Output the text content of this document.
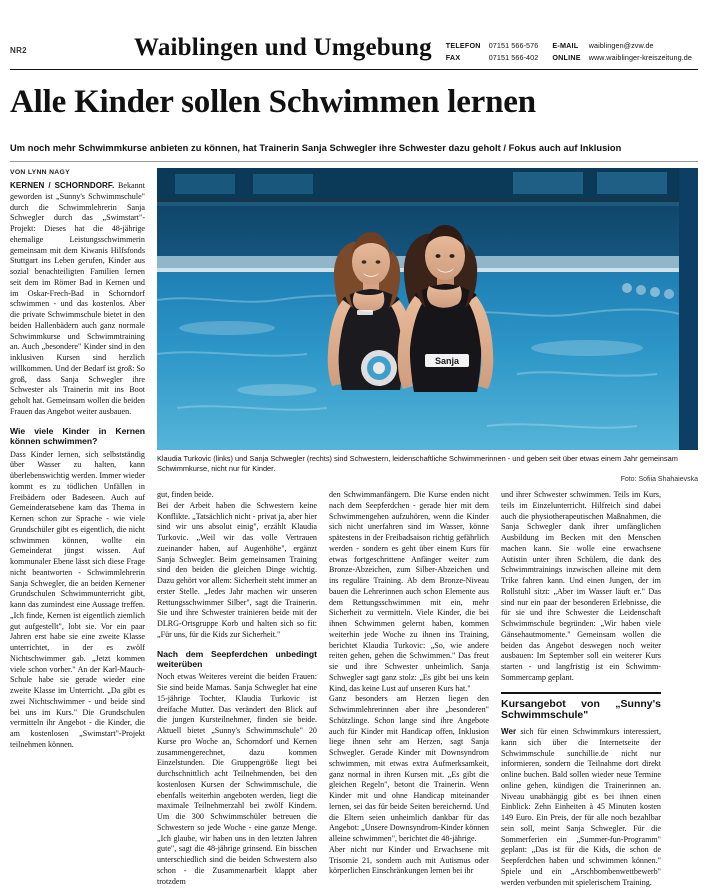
NR2	Waiblingen und Umgebung TELEFON 07151 566-576
FAX	07151 566-402
E-MAIL	waiblingen@zvw.de
ONLINE www.waiblinger-kreiszeitung.de
Alle Kinder sollen Schwimmen lernen
Um noch mehr Schwimmkurse anbieten zu können, hat Trainerin Sanja Schwegler ihre Schwester dazu geholt / Fokus auch auf Inklusion
VON LYNN NAGY

KERNEN / SCHORNDORF. Bekannt geworden ist „Sunny's Schwimmschule" durch die Schwimmlehrerin Sanja Schwegler durch das „Swimstart"-Projekt: Dieses hat die 48-jährige ehemalige Leistungsschwimmerin gemeinsam mit dem Kiwanis Hilfsfonds Stuttgart ins Leben gerufen, Kinder aus sozial benachteiligten Familien lernen seit dem im Römer Bad in Kernen und im Oskar-Frech-Bad in Schorndorf schwimmen - und das kostenlos. Aber die private Schwimmschule bietet in den beiden Hallenbädern auch ganz normale Schwimmkurse und Schwimmtraining an. Auch „besondere" Kinder sind in den inklusiven Kursen sind herzlich willkommen. Und der Bedarf ist groß: So groß, dass Sanja Schwegler ihre Schwester als Trainerin mit ins Boot geholt hat. Gemeinsam wollen die beiden Frauen das Angebot weiter ausbauen.

Wie viele Kinder in Kernen können schwimmen?

Dass Kinder lernen, sich selbstständig über Wasser zu halten, kann überlebenswichtig werden. Immer wieder kommt es zu tödlichen Unfällen in Freibädern oder Badeseen. Auch auf Gemeinderatsebene kam das Thema in Kernen schon zur Sprache - wie viele Grundschüler gibt es eigentlich, die nicht schwimmen können, wollte ein Gemeinderat jüngst wissen. Auf kommunaler Ebene lässt sich diese Frage nicht beantworten - Schwimmlehrerin Sanja Schwegler, die an beiden Kernener Grundschulen Schwimmunterricht gibt, kann das zumindest eine Aussage treffen. „Ich finde, Kernen ist eigentlich ziemlich gut aufgestellt", lobt sie. Vor ein paar Jahren erst habe sie eine zweite Klasse unterrichtet, in der es zwölf Nichtschwimmer gab. „Jetzt kommen viele schon vorher." An der Karl-Mauch-Schule habe sie gerade wieder eine zweite Klasse im Unterricht. „Da gibt es zwei Nichtschwimmer - und beide sind bei uns im Kurs." Die Grundschulen vermitteln ihr Angebot - die Kinder, die am kostenlosen „Swimstart"-Projekt teilnehmen können.

Sanja
Klaudia Turkovic (links) und Sanja Schwegler (rechts) sind Schwestern, leidenschaftliche Schwimmerinnen - und geben seit über etwas einem Jahr gemeinsam Schwimmkurse, nicht nur für Kinder.
Foto: Sofiia Shahaievska

gut, finden beide.

Bei der Arbeit haben die Schwestern keine Konflikte. „Tatsächlich nicht - privat ja, aber hier sind wir uns absolut einig", erzählt Klaudia Turkovic. „Weil wir das volle Vertrauen zueinander haben, auf Augenhöhe", ergänzt Sanja Schwegler. Beim gemeinsamen Training sind den beiden die gleichen Dinge wichtig. Dazu gehört vor allem: Sicherheit steht immer an erster Stelle. „Jedes Jahr machen wir unseren Rettungsschwimmer Silber", sagt die Trainerin. Sie und ihre Schwester trainieren beide mit der DLRG-Ortsgruppe Korb und halten sich so fit: „Für uns, für die Kids zur Sicherheit."

Nach dem Seepferdchen unbedingt weiterüben

Noch etwas Weiteres vereint die beiden Frauen: Sie sind beide Mamas. Sanja Schwegler hat eine 15-jährige Tochter, Klaudia Turkovic ist dreifache Mutter. Das verändert den Blick auf die jungen Kursteilnehmer, finden sie beide. Aktuell bietet „Sunny's Schwimmschule" 20 Kurse pro Woche an, Schorndorf und Kernen zusammengerechnet, dazu kommen Einzelstunden. Die Gruppengröße liegt bei durchschnittlich acht Teilnehmenden, bei den kostenlosen Kursen der Schwimmschule, die ebenfalls weiterhin angeboten werden, liegt die maximale Teilnehmerzahl bei zwölf Kindern. Um die 300 Schwimmschüler betreuen die Schwestern so jede Woche - eine ganze Menge. „Ich glaube, wir haben uns in den letzten Jahren gute", sagt die 48-jährige grinsend. Ein bisschen unterschiedlich sind die beiden Schwestern also schon - die Zusammenarbeit klappt aber trotzdem

den Schwimmanfängern. Die Kurse enden nicht nach dem Seepferdchen - gerade hier mit dem Schwimmengehen aufzuhören, wenn die Kinder sich nicht unerfahren sind im Wasser, könne spätestens in der Freibadsaison richtig gefährlich werden - sondern es geht über einem Kurs für etwas fortgeschrittene Anfänger weiter zum Bronze-Abzeichen, zum Silber-Abzeichen und ins reguläre Training. Ab dem Bronze-Niveau bauen die Lehrerinnen auch schon Elemente aus dem Rettungsschwimmen mit ein, mehr Sicherheit zu vermitteln. Viele Kinder, die bei ihnen Schwimmen gelernt haben, kommen weiterhin jede Woche zu ihnen ins Training, berichtet Klaudia Turkovic: „So, wie andere reiten gehen, gehen die Schwimmen." Das freut sie und ihre Schwester unheimlich. Sanja Schwegler sagt ganz stolz: „Es gibt bei uns kein Kind, das keine Lust auf unseren Kurs hat."

Ganz besonders am Herzen liegen den Schwimmlehrerinnen aber ihre „besonderen" Schützlinge. Schon lange sind ihre Angebote auch für Kinder mit Handicap offen, Inklusion liege ihnen sehr am Herzen, sagt Sanja Schwegler. Gerade Kinder mit Downsyndrom schwimmen, mit etwas extra Aufmerksamkeit, ganz normal in ihren Kursen mit. „Es gibt die gleichen Regeln", betont die Trainerin. Wenn Kinder mit und ohne Handicap miteinander lernen, sei das für beide Seiten bereichernd. Und die Eltern seien unheimlich dankbar für das Angebot: „Unsere Downsyndrom-Kinder können alleine schwimmen", berichtet die 48-jährige.

Aber nicht nur Kinder und Erwachsene mit Trisomie 21, sondern auch mit Autismus oder körperlichen Einschränkungen lernen bei ihr

und ihrer Schwester schwimmen. Teils im Kurs, teils im Einzelunterricht. Hilfreich sind dabei auch die physiotherapeutischen Maßnahmen, die Sanja Schwegler dank ihrer umfänglichen Ausbildung im Becken mit den Menschen machen kann. Sie wolle eine erwachsene Autistin unter ihren Schülern, die dank des Schwimmtrainings inzwischen alleine mit dem Trike fahren kann. Und einen Jungen, der im Rollstuhl sitzt: „Aber im Wasser läuft er." Das sind nur ein paar der besonderen Erlebnisse, die für sie und ihre Schwester die Leidenschaft Schwimmschule begründen: „Wir haben viele Gänsehautmomente." Gemeinsam wollen die beiden das Angebot deswegen noch weiter ausbauen: Im September soll ein weiterer Kurs starten - und langfristig ist ein Schwimm-Sommercamp geplant.

Kursangebot von „Sunny's Schwimmschule"

Wer sich für einen Schwimmkurs interessiert, kann sich über die Internetseite der Schwimmschule sunchillie.de nicht nur informieren, sondern die Teilnahme dort direkt online buchen. Bald sollen wieder neue Termine online gehen, kündigen die Trainerinnen an. Niveau unabhängig gibt es bei ihnen einen Einblick: Zehn Einheiten à 45 Minuten kosten 149 Euro. Ein Preis, der für alle noch bezahlbar sein soll, meint Sanja Schwegler. Für die Sommerferien ein „Summer-fun-Programm" geplant: „Das ist für die Kids, die schon de Seepferdchen haben und schwimmen können." Spiele und ein „Arschbombenwettbewerb" werden verbunden mit spielerischem Training.
